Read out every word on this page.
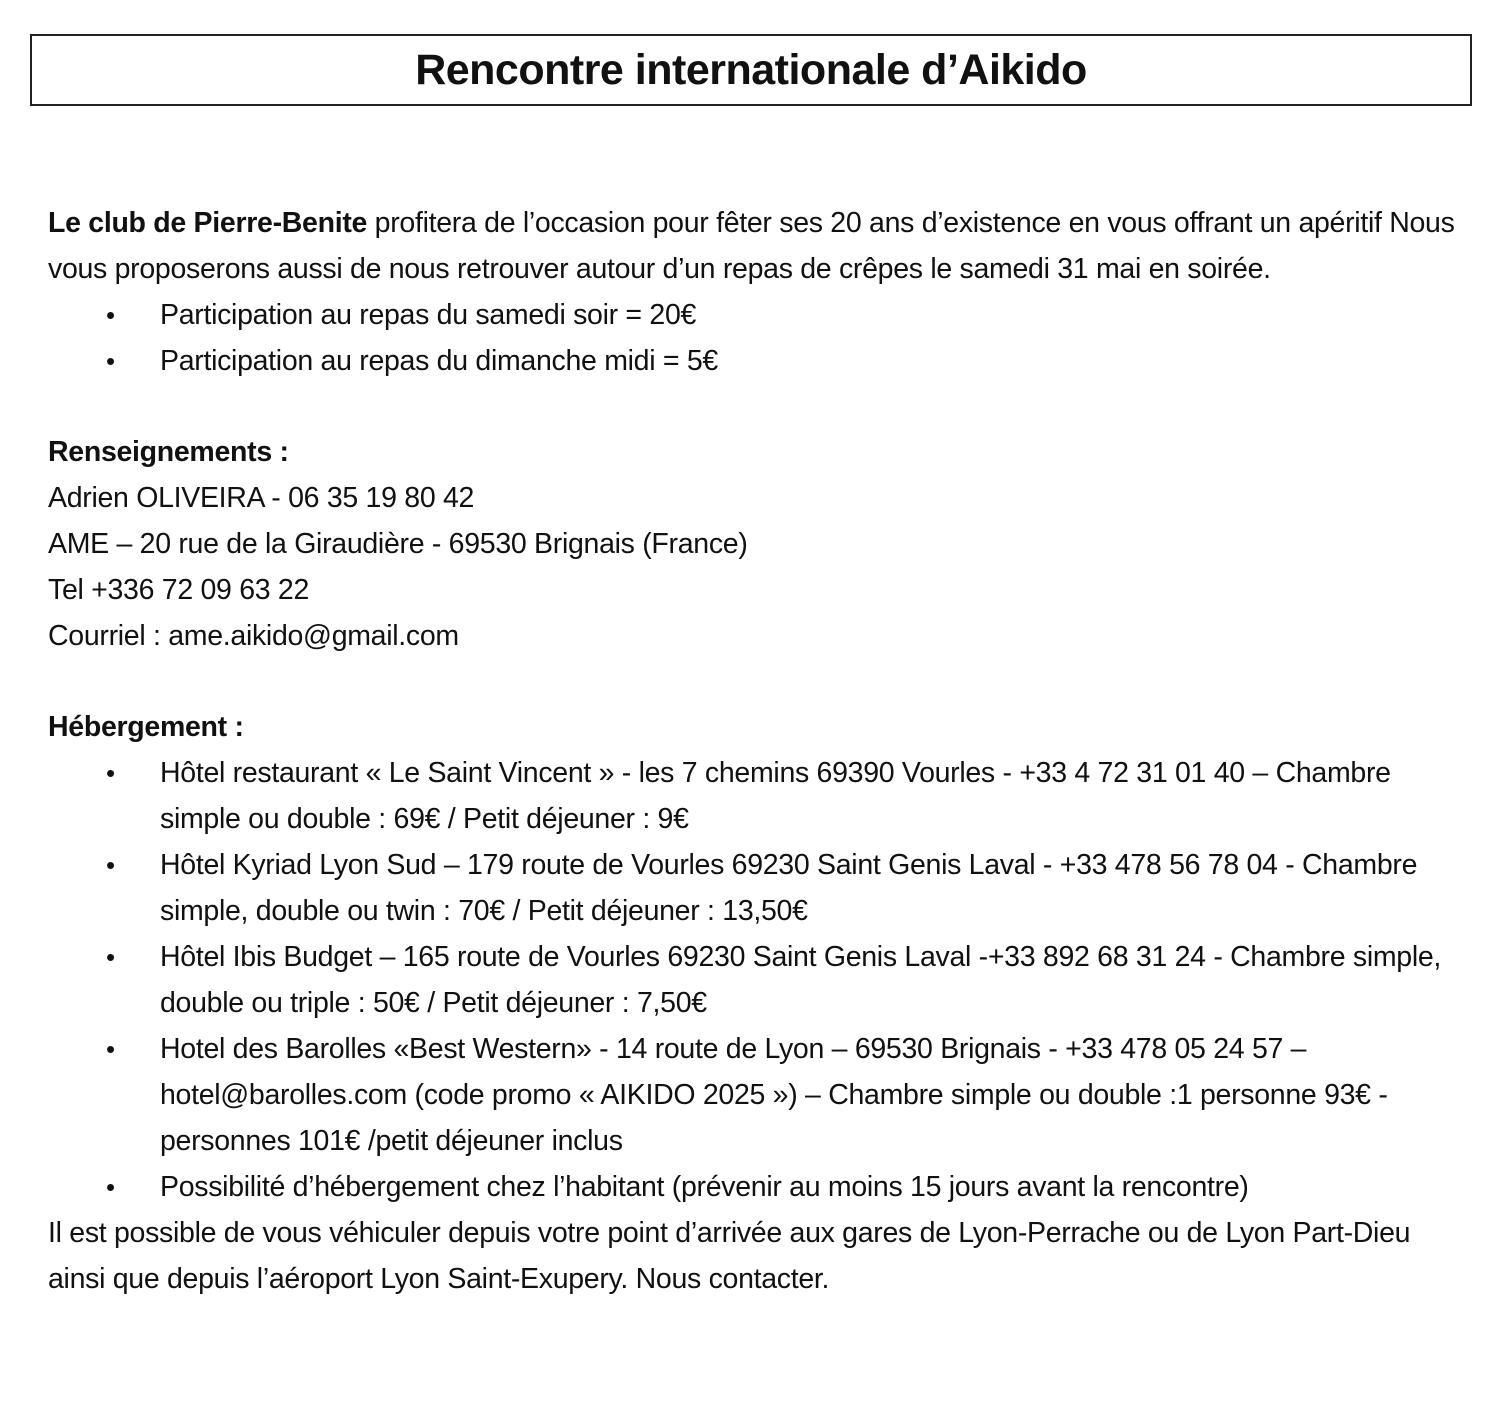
Rencontre internationale d’Aikido

Le club de Pierre-Benite profitera de l’occasion pour fêter ses 20 ans d’existence en vous offrant un apéritif Nous vous proposerons aussi de nous retrouver autour d’un repas de crêpes le samedi 31 mai en soirée.

• Participation au repas du samedi soir = 20€
• Participation au repas du dimanche midi = 5€

Renseignements :

Adrien OLIVEIRA - 06 35 19 80 42

AME – 20 rue de la Giraudière - 69530 Brignais (France)

Tel +336 72 09 63 22

Courriel : ame.aikido@gmail.com

Hébergement :

• Hôtel restaurant « Le Saint Vincent » - les 7 chemins 69390 Vourles - +33 4 72 31 01 40 – Chambre simple ou double : 69€ / Petit déjeuner : 9€
• Hôtel Kyriad Lyon Sud – 179 route de Vourles 69230 Saint Genis Laval - +33 478 56 78 04 - Chambre simple, double ou twin : 70€ / Petit déjeuner : 13,50€
• Hôtel Ibis Budget – 165 route de Vourles 69230 Saint Genis Laval -+33 892 68 31 24 - Chambre simple, double ou triple : 50€ / Petit déjeuner : 7,50€
• Hotel des Barolles «Best Western» - 14 route de Lyon – 69530 Brignais - +33 478 05 24 57 – hotel@barolles.com (code promo « AIKIDO 2025 ») – Chambre simple ou double :1 personne 93€ - personnes 101€ /petit déjeuner inclus
• Possibilité d’hébergement chez l’habitant (prévenir au moins 15 jours avant la rencontre)

Il est possible de vous véhiculer depuis votre point d’arrivée aux gares de Lyon-Perrache ou de Lyon Part-Dieu ainsi que depuis l’aéroport Lyon Saint-Exupery. Nous contacter.
